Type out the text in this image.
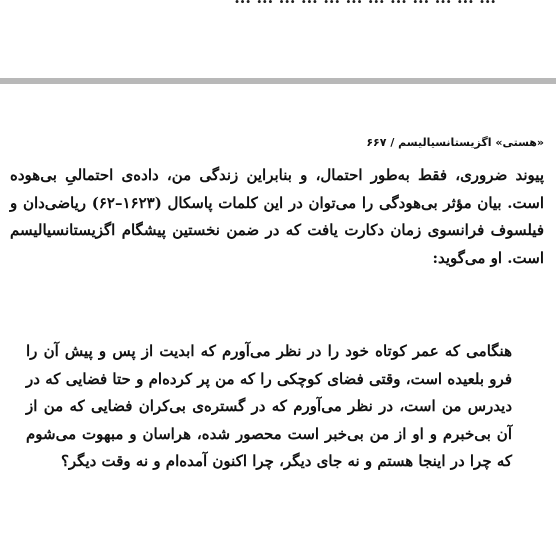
«هستی» اگزیستانسیالیسم / ۶۶۷

پیوند ضروری، فقط به‌طور احتمال، و بنابراین زندگی من، داده‌ی احتمالیِ بی‌هوده است. بیان مؤثر بی‌هودگی را می‌توان در این کلمات پاسکال (۱۶۲۳–۶۲) ریاضی‌دان و فیلسوف فرانسوی زمان دکارت یافت که در ضمن نخستین پیشگام اگزیستانسیالیسم است. او می‌گوید:

هنگامی که عمر کوتاه خود را در نظر می‌آورم که ابدیت از پس و پیش آن را فرو بلعیده است، وقتی فضای کوچکی را که من پر کرده‌ام و حتا فضایی که در دیدرس من است، در نظر می‌آورم که در گستره‌ی بی‌کران فضایی که من از آن بی‌خبرم و او از من بی‌خبر است محصور شده، هراسان و مبهوت می‌شوم که چرا در اینجا هستم و نه جای دیگر، چرا اکنون آمده‌ام و نه وقت دیگر؟
